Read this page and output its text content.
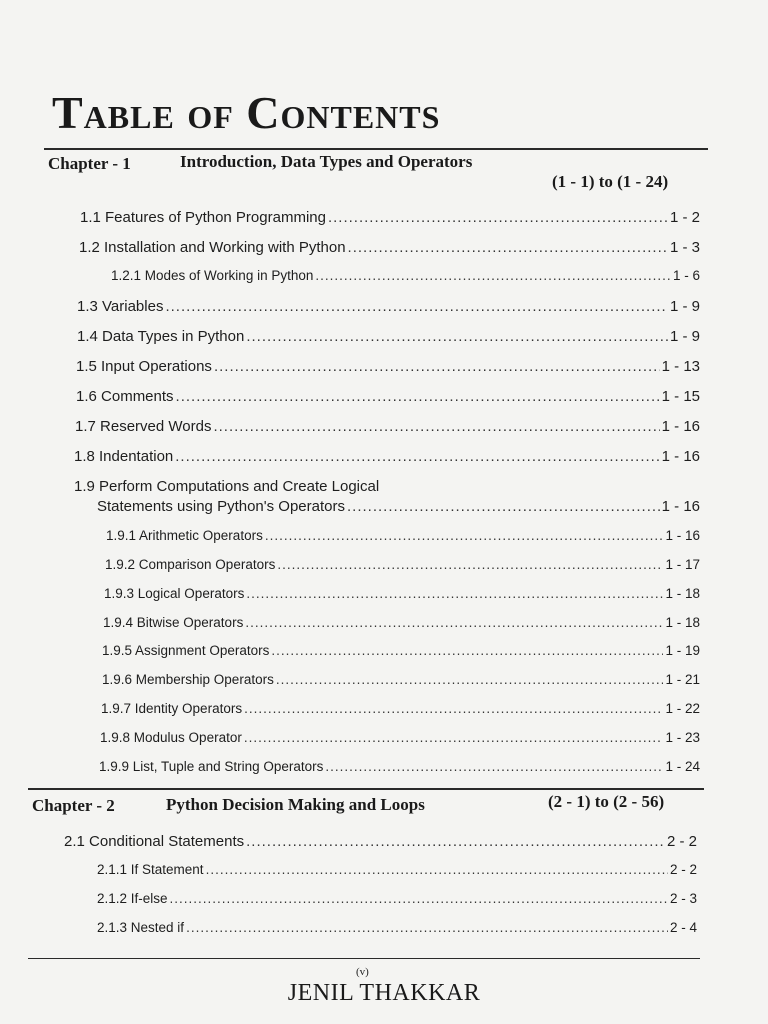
Table of Contents
Chapter - 1	Introduction, Data Types and Operators
(1 - 1) to (1 - 24)
1.1 Features of Python Programming .....	1 - 2
1.2 Installation and Working with Python .....	1 - 3
1.2.1 Modes of Working in Python .....	1 - 6
1.3 Variables .....	1 - 9
1.4 Data Types in Python .....	1 - 9
1.5 Input Operations .....	1 - 13
1.6 Comments .....	1 - 15
1.7 Reserved Words .....	1 - 16
1.8 Indentation .....	1 - 16
1.9 Perform Computations and Create Logical
Statements using Python's Operators .....	1 - 16
1.9.1 Arithmetic Operators .....	1 - 16
1.9.2 Comparison Operators .....	1 - 17
1.9.3 Logical Operators .....	1 - 18
1.9.4 Bitwise Operators .....	1 - 18
1.9.5 Assignment Operators .....	1 - 19
1.9.6 Membership Operators .....	1 - 21
1.9.7 Identity Operators .....	1 - 22
1.9.8 Modulus Operator .....	1 - 23
1.9.9 List, Tuple and String Operators .....	1 - 24
Chapter - 2	Python Decision Making and Loops	(2 - 1) to (2 - 56)
2.1 Conditional Statements .....	2 - 2
2.1.1 If Statement .....	2 - 2
2.1.2 If-else .....	2 - 3
2.1.3 Nested if .....	2 - 4
(v)
JENIL THAKKAR
